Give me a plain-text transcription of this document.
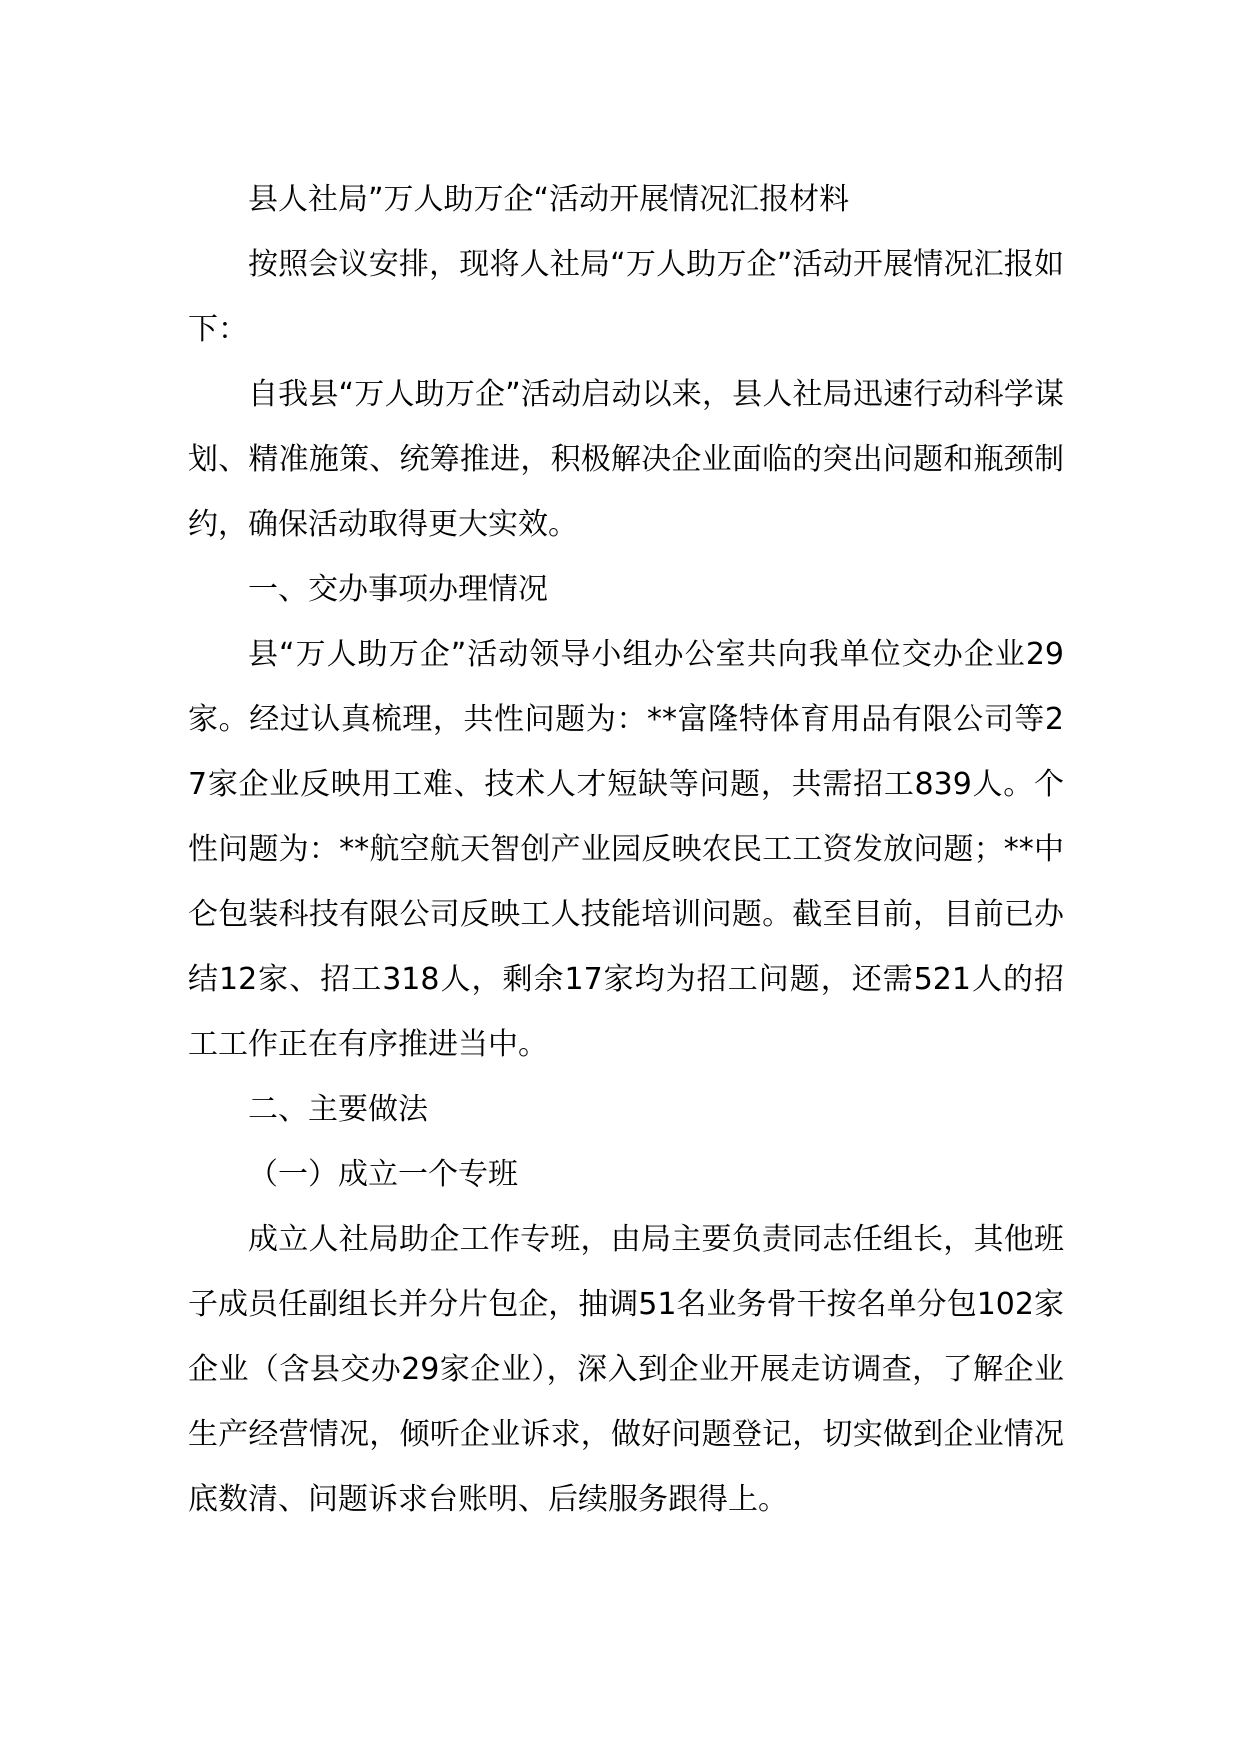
县人社局”万人助万企“活动开展情况汇报材料

按照会议安排，现将人社局“万人助万企”活动开展情况汇报如下：

自我县“万人助万企”活动启动以来，县人社局迅速行动科学谋划、精准施策、统筹推进，积极解决企业面临的突出问题和瓶颈制约，确保活动取得更大实效。

一、交办事项办理情况

县“万人助万企”活动领导小组办公室共向我单位交办企业29家。经过认真梳理，共性问题为：**富隆特体育用品有限公司等27家企业反映用工难、技术人才短缺等问题，共需招工839人。个性问题为：**航空航天智创产业园反映农民工工资发放问题；**中仑包装科技有限公司反映工人技能培训问题。截至目前，目前已办结12家、招工318人，剩余17家均为招工问题，还需521人的招工工作正在有序推进当中。

二、主要做法

（一）成立一个专班

成立人社局助企工作专班，由局主要负责同志任组长，其他班子成员任副组长并分片包企，抽调51名业务骨干按名单分包102家企业（含县交办29家企业），深入到企业开展走访调查，了解企业生产经营情况，倾听企业诉求，做好问题登记，切实做到企业情况底数清、问题诉求台账明、后续服务跟得上。
